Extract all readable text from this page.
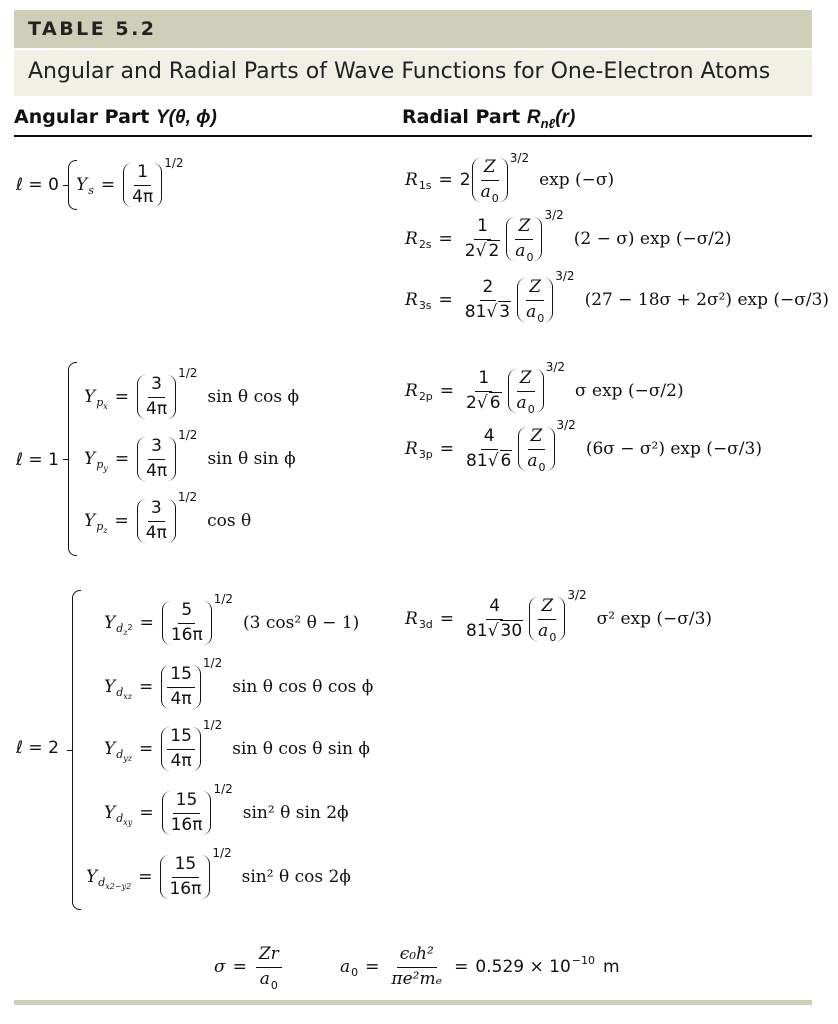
TABLE 5.2
Angular and Radial Parts of Wave Functions for One-Electron Atoms
Angular Part Y(θ, ϕ)	Radial Part $R_{n\ell}(r)$
ℓ = 0 Y $s = \frac{1}{4\pi} 1/2$
R $1s = 2 \frac{Z}{a_0} 3/2$
exp (−σ)
R $2s = \frac{1}{2√ 2} \frac{Z}{a_0}$
3/2
(2 − σ) exp (−σ/2)
R $3s = \frac{2}{81√ 3} \frac{Z}{a_0}$
3/2
(27 − 18σ + 2σ²) exp (−σ/3)
ℓ = 1
Y $p_x = \frac{3}{4\pi}$
1/2
sin θ cos ϕ
Y $p_y = \frac{3}{4\pi}$
1/2
sin θ sin ϕ
Y $p_z = \frac{3}{4\pi}$
1/2
cos θ
R $2p = \frac{1}{2√ 6} \frac{Z}{a_0}$
3/2
σ exp (−σ/2)
R $3p = \frac{4}{81√ 6} \frac{Z}{a_0}$
3/2
(6σ − σ²) exp (−σ/3)
ℓ = 2
Y $d_z2 = \frac{5}{16\pi}$
1/2
(3 cos² θ − 1)
Y $d_{xz} = \frac{15}{4\pi}$
1/2
sin θ cos θ cos ϕ
Y $d_{yz} = \frac{15}{4\pi}$
1/2
sin θ cos θ sin ϕ
Y $d_{xy} = \frac{15}{16\pi}$
1/2
sin² θ sin 2ϕ
Y $d_{x2-y2} = \frac{15}{16\pi}$
1/2
sin² θ cos 2ϕ
R $3d = \frac{4}{81√ 30} \frac{Z}{a_0}$
3/2
σ² exp (−σ/3)
$\sigma = \frac{Zr}{a_0}$	a $0 = \frac{\text{ϵ₀h²}}{\text{πe²mₑ}} = 0.529 \times 10 -10$ m
